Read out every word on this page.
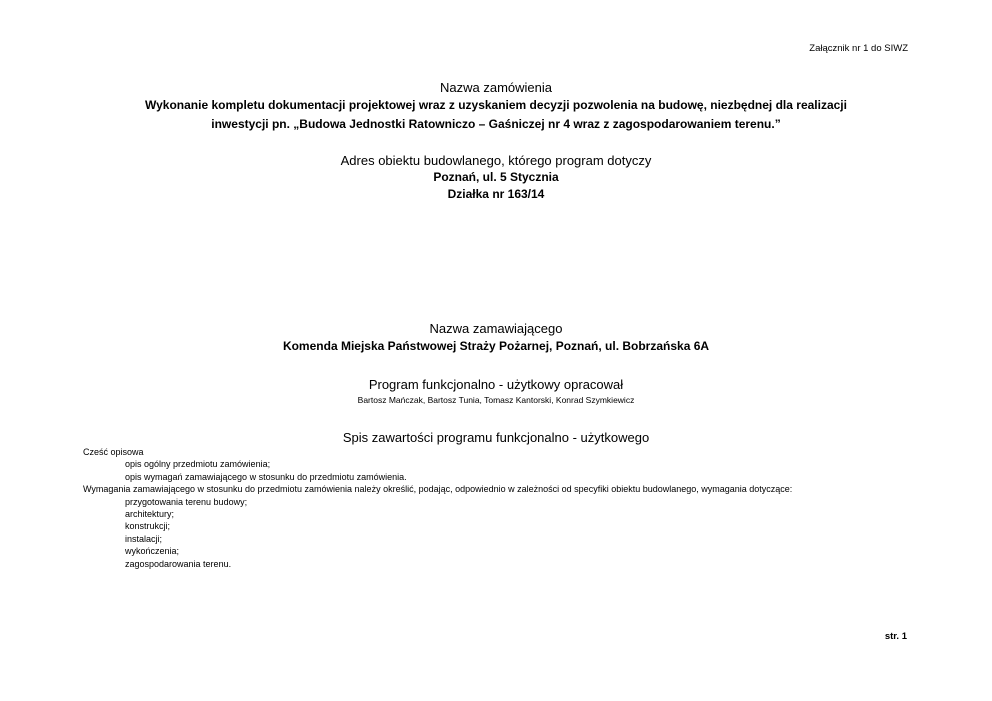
Załącznik nr 1 do SIWZ
Nazwa zamówienia
Wykonanie kompletu dokumentacji projektowej wraz z uzyskaniem decyzji pozwolenia na budowę, niezbędnej dla realizacji
inwestycji pn. „Budowa Jednostki Ratowniczo – Gaśniczej nr 4 wraz z zagospodarowaniem terenu.”
Adres obiektu budowlanego, którego program dotyczy
Poznań, ul. 5 Stycznia
Działka nr 163/14
Nazwa zamawiającego
Komenda Miejska Państwowej Straży Pożarnej, Poznań, ul. Bobrzańska 6A
Program funkcjonalno - użytkowy opracował
Bartosz Mańczak, Bartosz Tunia, Tomasz Kantorski, Konrad Szymkiewicz
Spis zawartości programu funkcjonalno - użytkowego
Cześć opisowa
opis ogólny przedmiotu zamówienia;
opis wymagań zamawiającego w stosunku do przedmiotu zamówienia.
Wymagania zamawiającego w stosunku do przedmiotu zamówienia należy określić, podając, odpowiednio w zależności od specyfiki obiektu budowlanego, wymagania dotyczące:
przygotowania terenu budowy;
architektury;
konstrukcji;
instalacji;
wykończenia;
zagospodarowania terenu.
str. 1
